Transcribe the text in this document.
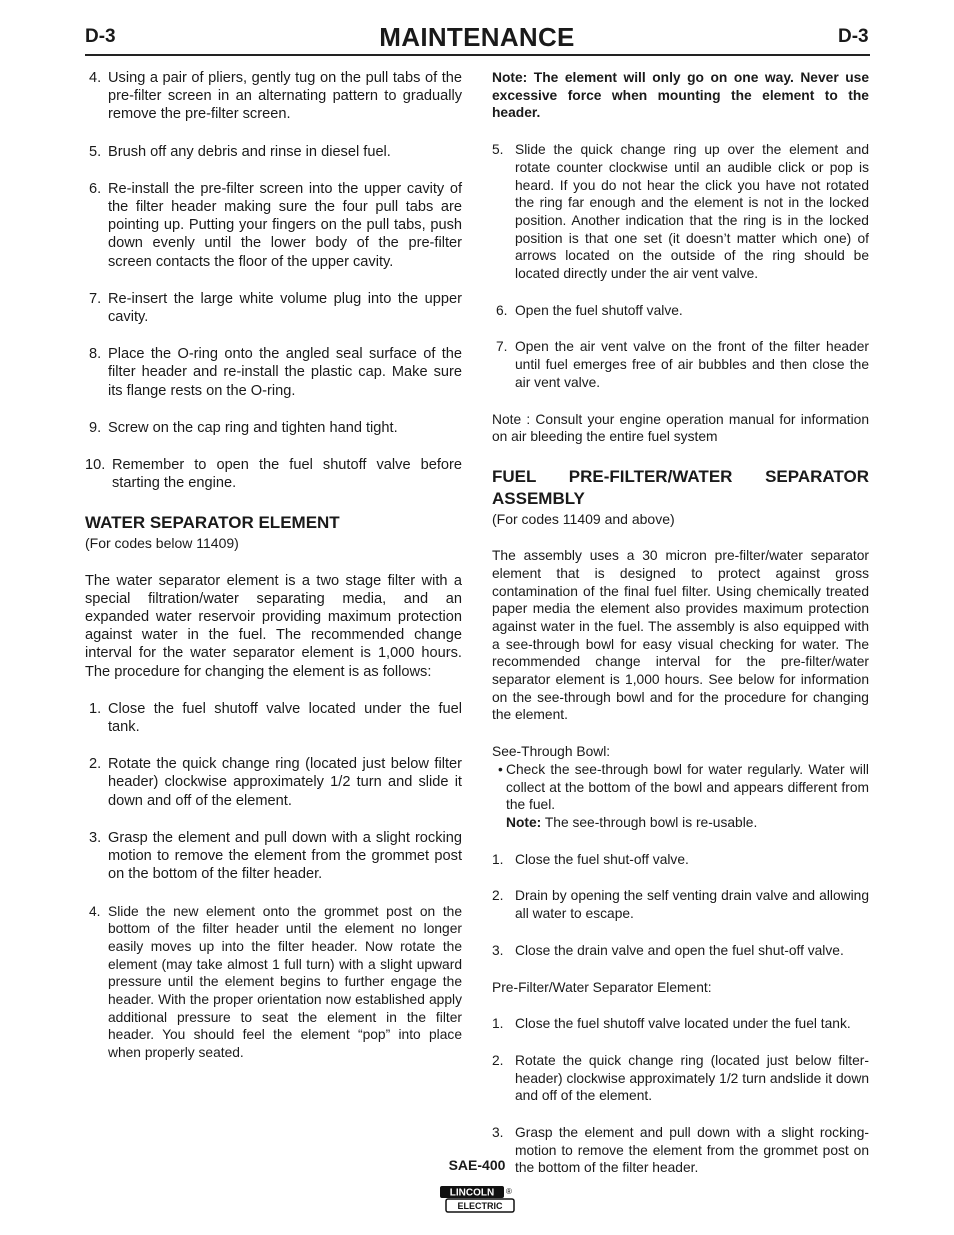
D-3	MAINTENANCE	D-3
4. Using a pair of pliers, gently tug on the pull tabs of the pre-filter screen in an alternating pattern to gradually remove the pre-filter screen.
5. Brush off any debris and rinse in diesel fuel.
6. Re-install the pre-filter screen into the upper cavity of the filter header making sure the four pull tabs are pointing up. Putting your fingers on the pull tabs, push down evenly until the lower body of the pre-filter screen contacts the floor of the upper cavity.
7. Re-insert the large white volume plug into the upper cavity.
8. Place the O-ring onto the angled seal surface of the filter header and re-install the plastic cap. Make sure its flange rests on the O-ring.
9. Screw on the cap ring and tighten hand tight.
10. Remember to open the fuel shutoff valve before starting the engine.
WATER SEPARATOR ELEMENT
(For codes below 11409)
The water separator element is a two stage filter with a special filtration/water separating media, and an expanded water reservoir providing maximum protection against water in the fuel. The recommended change interval for the water separator element is 1,000 hours. The procedure for changing the element is as follows:
1. Close the fuel shutoff valve located under the fuel tank.
2. Rotate the quick change ring (located just below filter header) clockwise approximately 1/2 turn and slide it down and off of the element.
3. Grasp the element and pull down with a slight rocking motion to remove the element from the grommet post on the bottom of the filter header.
4. Slide the new element onto the grommet post on the bottom of the filter header until the element no longer easily moves up into the filter header. Now rotate the element (may take almost 1 full turn) with a slight upward pressure until the element begins to further engage the header. With the proper orientation now established apply additional pressure to seat the element in the filter header. You should feel the element “pop” into place when properly seated.
Note: The element will only go on one way. Never use excessive force when mounting the element to the header.
5. Slide the quick change ring up over the element and rotate counter clockwise until an audible click or pop is heard. If you do not hear the click you have not rotated the ring far enough and the element is not in the locked position. Another indication that the ring is in the locked position is that one set (it doesn’t matter which one) of arrows located on the outside of the ring should be located directly under the air vent valve.
6. Open the fuel shutoff valve.
7. Open the air vent valve on the front of the filter header until fuel emerges free of air bubbles and then close the air vent valve.
Note : Consult your engine operation manual for information on air bleeding the entire fuel system
FUEL PRE-FILTER/WATER SEPARATOR ASSEMBLY
(For codes 11409 and above)
The assembly uses a 30 micron pre-filter/water separator element that is designed to protect against gross contamination of the final fuel filter. Using chemically treated paper media the element also provides maximum protection against water in the fuel. The assembly is also equipped with a see-through bowl for easy visual checking for water. The recommended change interval for the pre-filter/water separator element is 1,000 hours. See below for information on the see-through bowl and for the procedure for changing the element.
See-Through Bowl:
• Check the see-through bowl for water regularly. Water will collect at the bottom of the bowl and appears different from the fuel.
Note: The see-through bowl is re-usable.
1. Close the fuel shut-off valve.
2. Drain by opening the self venting drain valve and allowing all water to escape.
3. Close the drain valve and open the fuel shut-off valve.
Pre-Filter/Water Separator Element:
1. Close the fuel shutoff valve located under the fuel tank.
2. Rotate the quick change ring (located just below filter-header) clockwise approximately 1/2 turn andslide it down and off of the element.
3. Grasp the element and pull down with a slight rocking-motion to remove the element from the grommet post on the bottom of the filter header.
SAE-400
LINCOLN ®
ELECTRIC
